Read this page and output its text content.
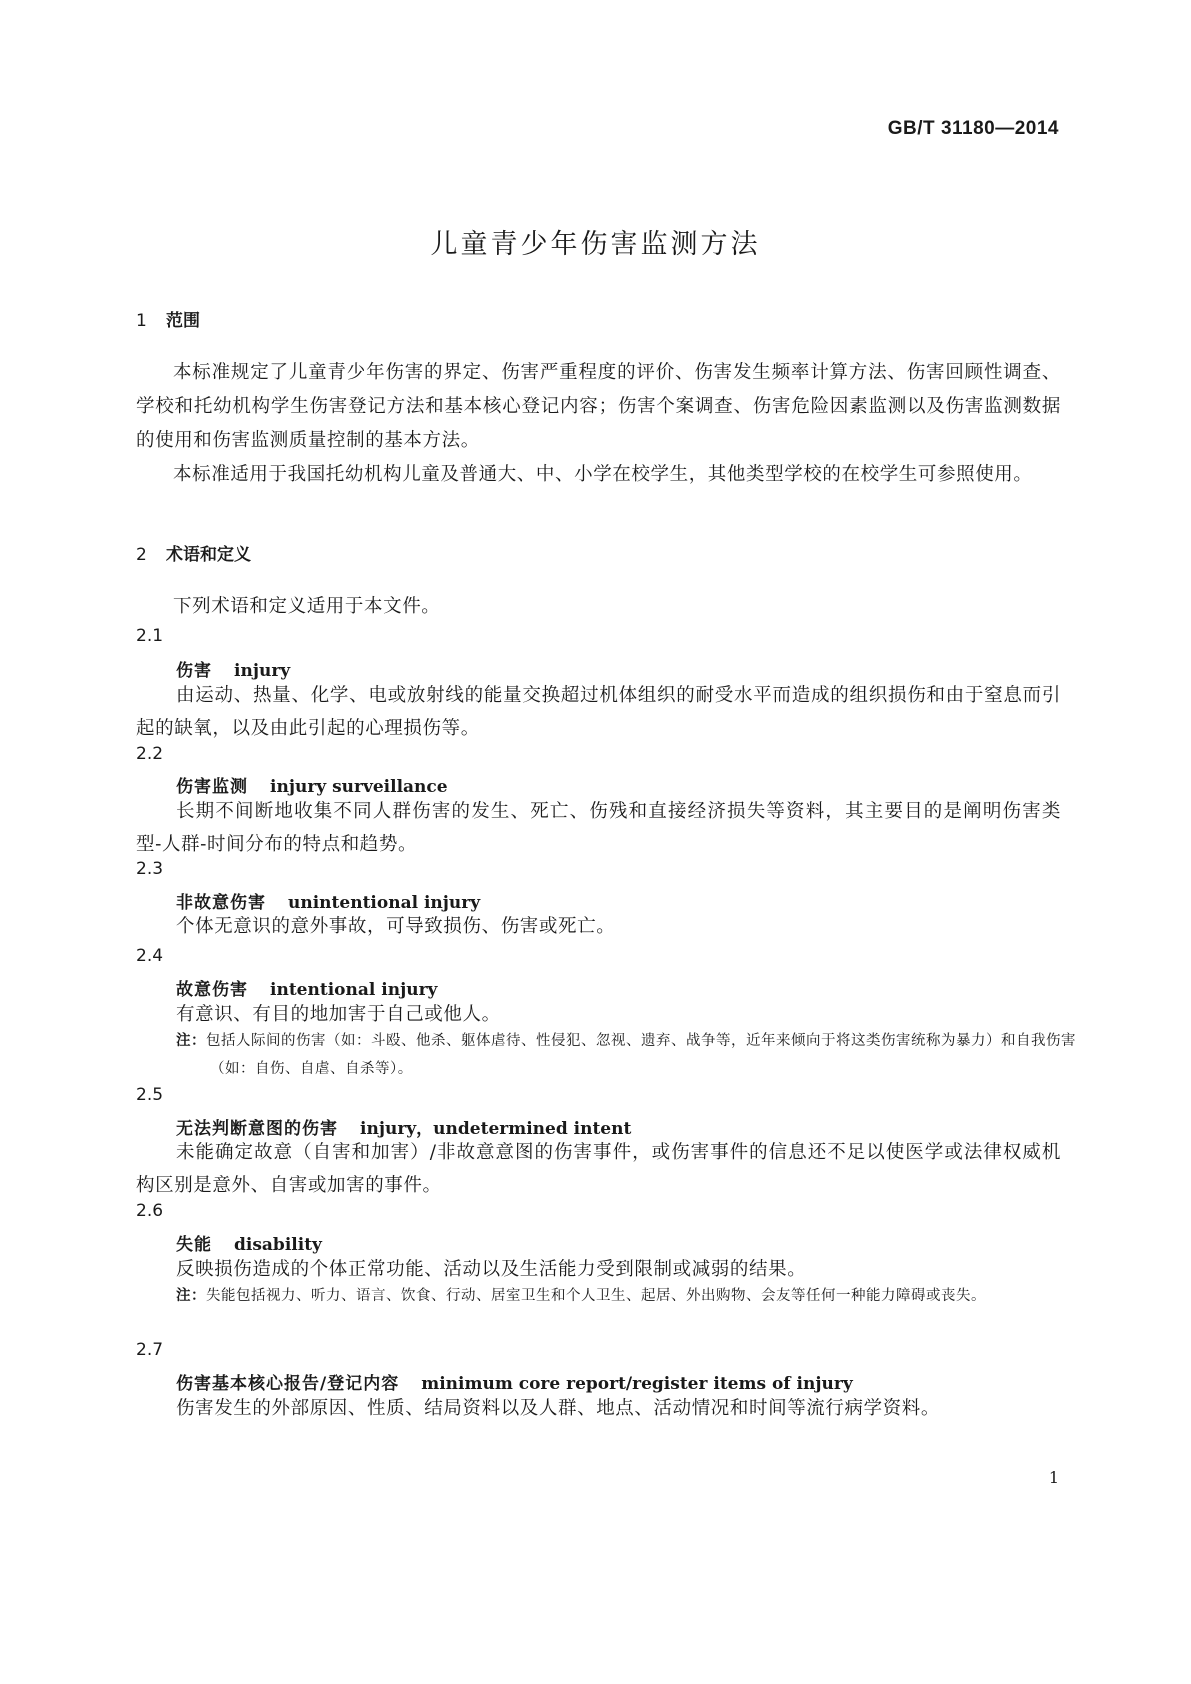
GB/T 31180—2014
儿童青少年伤害监测方法
1 范围

本标准规定了儿童青少年伤害的界定、伤害严重程度的评价、伤害发生频率计算方法、伤害回顾性调查、学校和托幼机构学生伤害登记方法和基本核心登记内容；伤害个案调查、伤害危险因素监测以及伤害监测数据的使用和伤害监测质量控制的基本方法。

本标准适用于我国托幼机构儿童及普通大、中、小学在校学生，其他类型学校的在校学生可参照使用。

2 术语和定义

下列术语和定义适用于本文件。

2.1
伤害 injury

由运动、热量、化学、电或放射线的能量交换超过机体组织的耐受水平而造成的组织损伤和由于窒息而引起的缺氧，以及由此引起的心理损伤等。

2.2
伤害监测 injury surveillance

长期不间断地收集不同人群伤害的发生、死亡、伤残和直接经济损失等资料，其主要目的是阐明伤害类型-人群-时间分布的特点和趋势。

2.3
非故意伤害 unintentional injury

个体无意识的意外事故，可导致损伤、伤害或死亡。

2.4
故意伤害 intentional injury

有意识、有目的地加害于自己或他人。

注：包括人际间的伤害（如：斗殴、他杀、躯体虐待、性侵犯、忽视、遗弃、战争等，近年来倾向于将这类伤害统称为暴力）和自我伤害（如：自伤、自虐、自杀等）。

2.5
无法判断意图的伤害 injury，undetermined intent

未能确定故意（自害和加害）/非故意意图的伤害事件，或伤害事件的信息还不足以使医学或法律权威机构区别是意外、自害或加害的事件。

2.6
失能 disability

反映损伤造成的个体正常功能、活动以及生活能力受到限制或减弱的结果。

注：失能包括视力、听力、语言、饮食、行动、居室卫生和个人卫生、起居、外出购物、会友等任何一种能力障碍或丧失。

2.7
伤害基本核心报告/登记内容 minimum core report/register items of injury

伤害发生的外部原因、性质、结局资料以及人群、地点、活动情况和时间等流行病学资料。

1
